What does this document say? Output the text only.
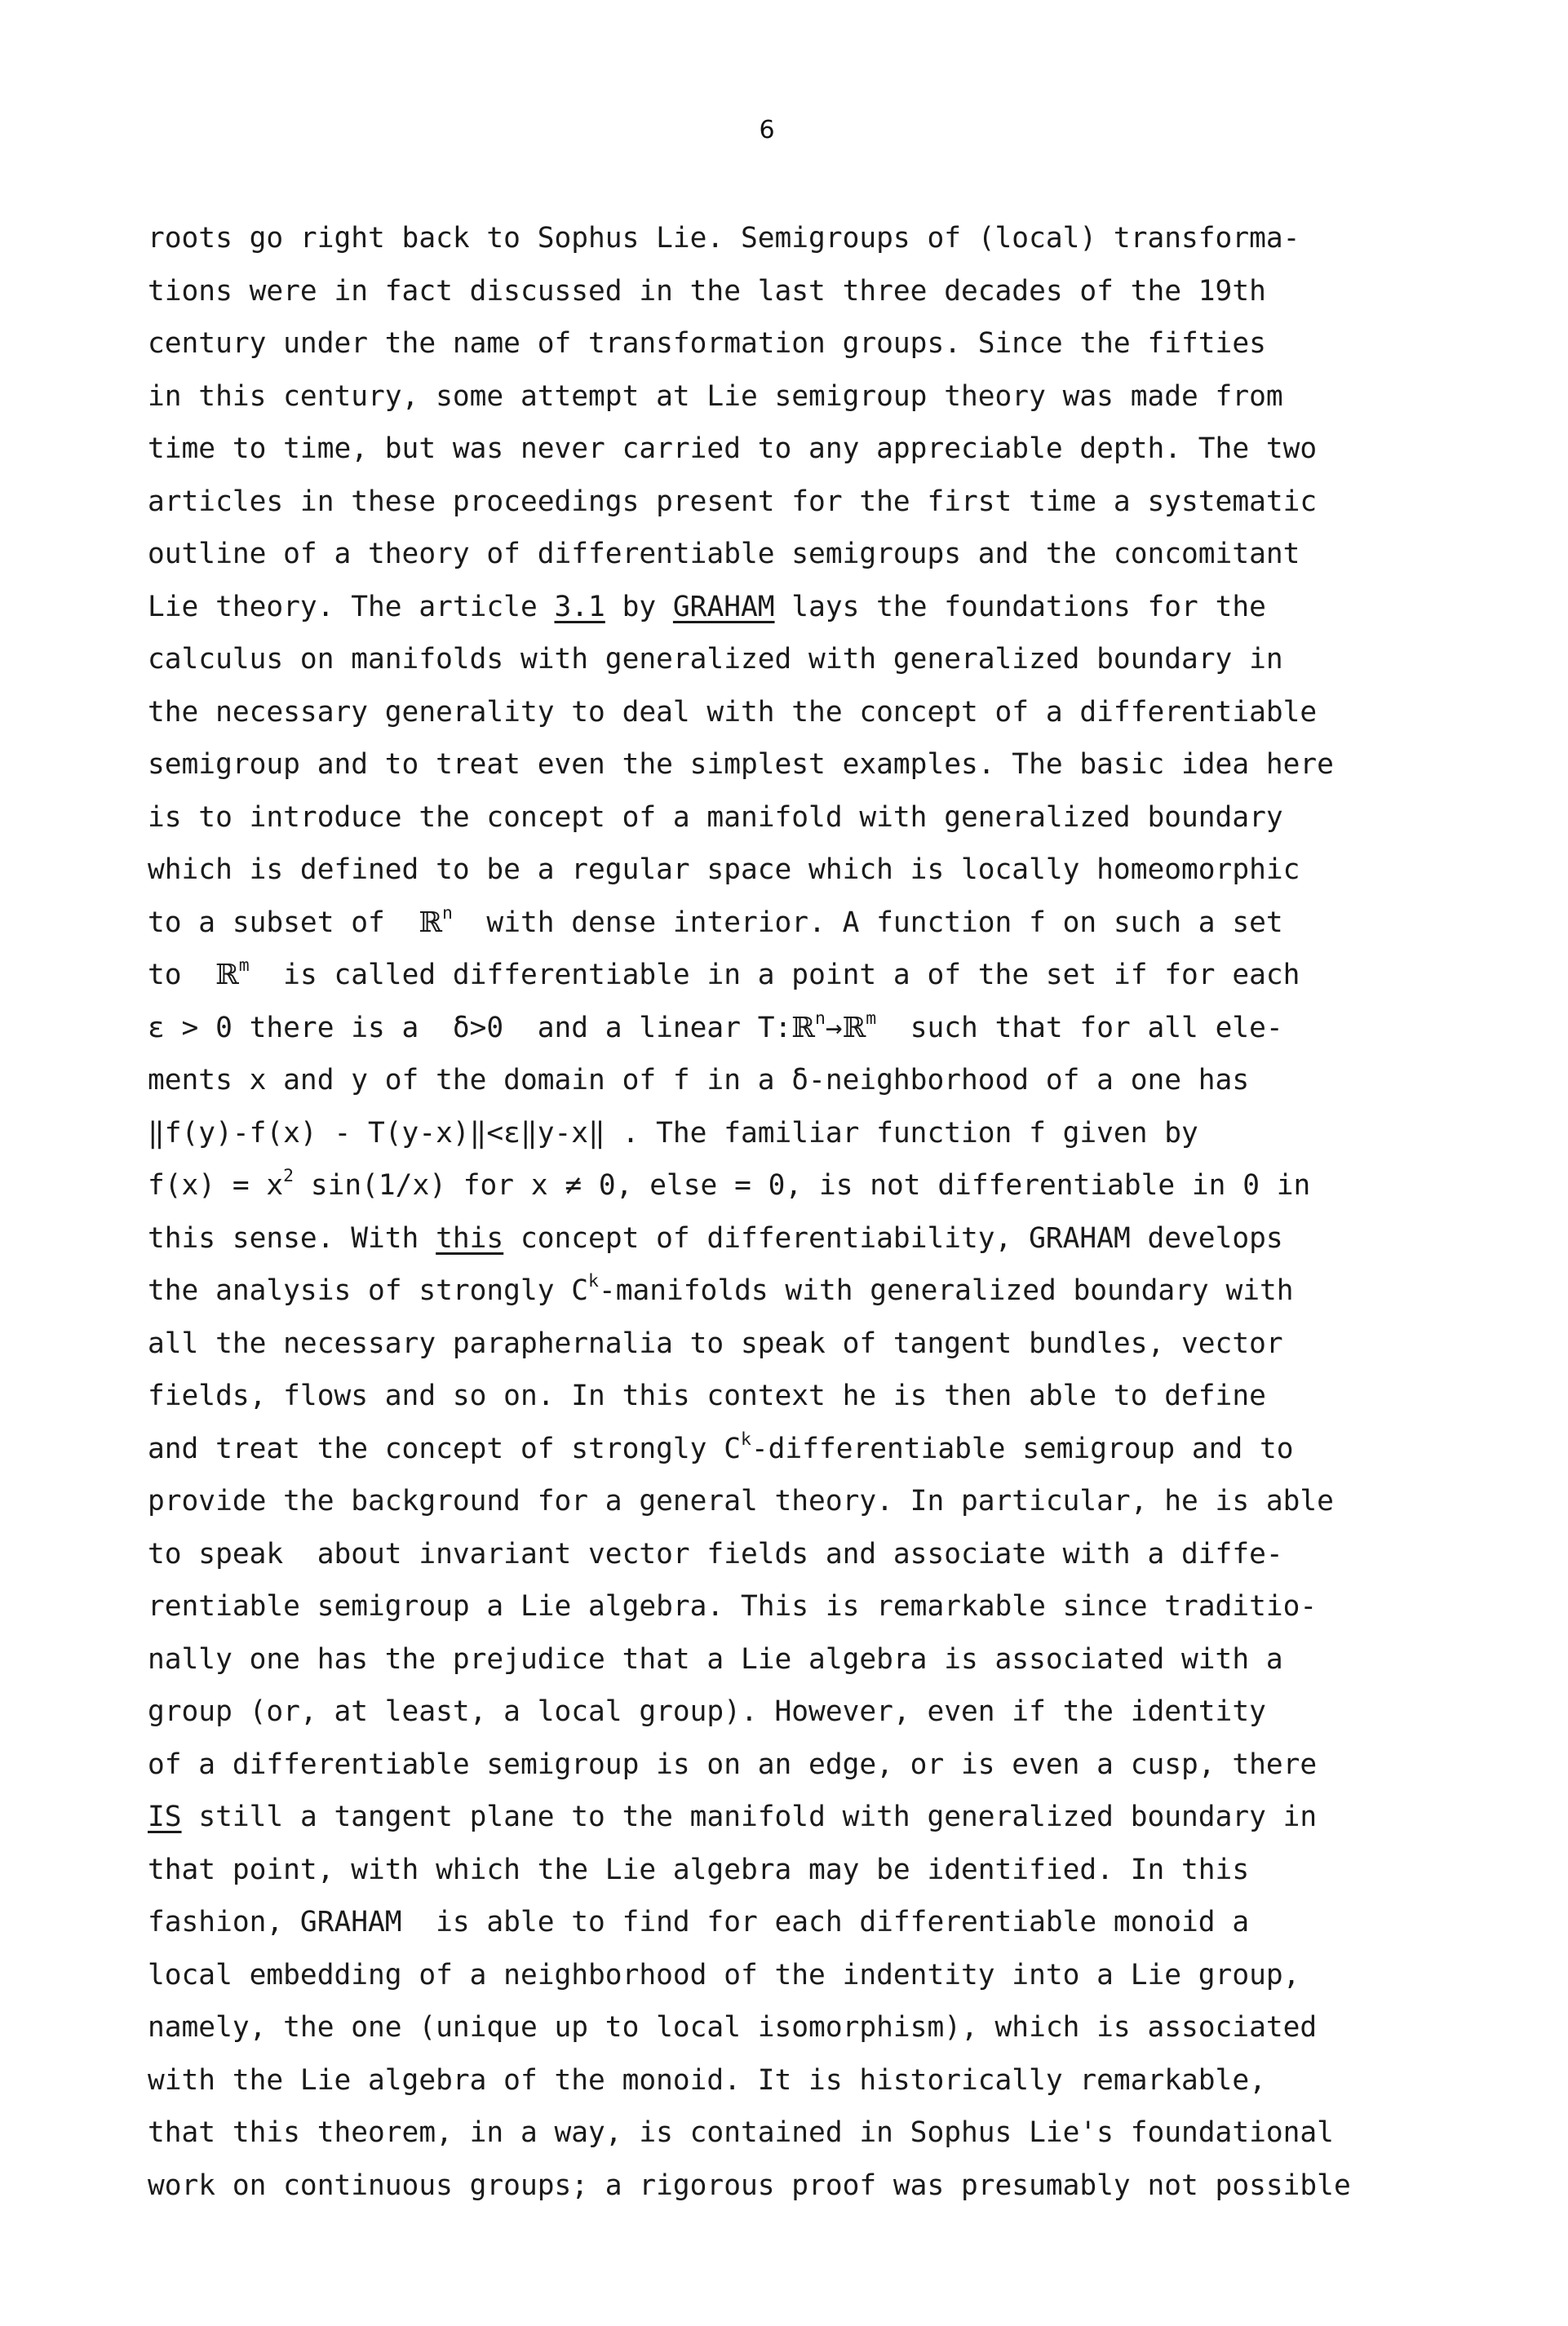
6
roots go right back to Sophus Lie. Semigroups of (local) transforma-
tions were in fact discussed in the last three decades of the 19th
century under the name of transformation groups. Since the fifties
in this century, some attempt at Lie semigroup theory was made from
time to time, but was never carried to any appreciable depth. The two
articles in these proceedings present for the first time a systematic
outline of a theory of differentiable semigroups and the concomitant
Lie theory. The article 3.1 by GRAHAM lays the foundations for the
calculus on manifolds with generalized with generalized boundary in
the necessary generality to deal with the concept of a differentiable
semigroup and to treat even the simplest examples. The basic idea here
is to introduce the concept of a manifold with generalized boundary
which is defined to be a regular space which is locally homeomorphic
to a subset of  ℝ$^n$  with dense interior. A function f on such a set
to  ℝ$^m$  is called differentiable in a point a of the set if for each
ε > 0 there is a  δ>0  and a linear T:ℝ$^n$→ℝ$^m$  such that for all ele-
ments x and y of the domain of f in a δ-neighborhood of a one has
‖f(y)-f(x) - T(y-x)‖<ε‖y-x‖ . The familiar function f given by
$f(x) = x^2$ sin(1/x) for x ≠ 0, else = 0, is not differentiable in 0 in
this sense. With this concept of differentiability, GRAHAM develops
the analysis of strongly $C^k$-manifolds with generalized boundary with
all the necessary paraphernalia to speak of tangent bundles, vector
fields, flows and so on. In this context he is then able to define
and treat the concept of strongly $C^k$-differentiable semigroup and to
provide the background for a general theory. In particular, he is able
to speak  about invariant vector fields and associate with a diffe-
rentiable semigroup a Lie algebra. This is remarkable since traditio-
nally one has the prejudice that a Lie algebra is associated with a
group (or, at least, a local group). However, even if the identity
of a differentiable semigroup is on an edge, or is even a cusp, there
IS still a tangent plane to the manifold with generalized boundary in
that point, with which the Lie algebra may be identified. In this
fashion, GRAHAM  is able to find for each differentiable monoid a
local embedding of a neighborhood of the indentity into a Lie group,
namely, the one (unique up to local isomorphism), which is associated
with the Lie algebra of the monoid. It is historically remarkable,
that this theorem, in a way, is contained in Sophus Lie's foundational
work on continuous groups; a rigorous proof was presumably not possible
